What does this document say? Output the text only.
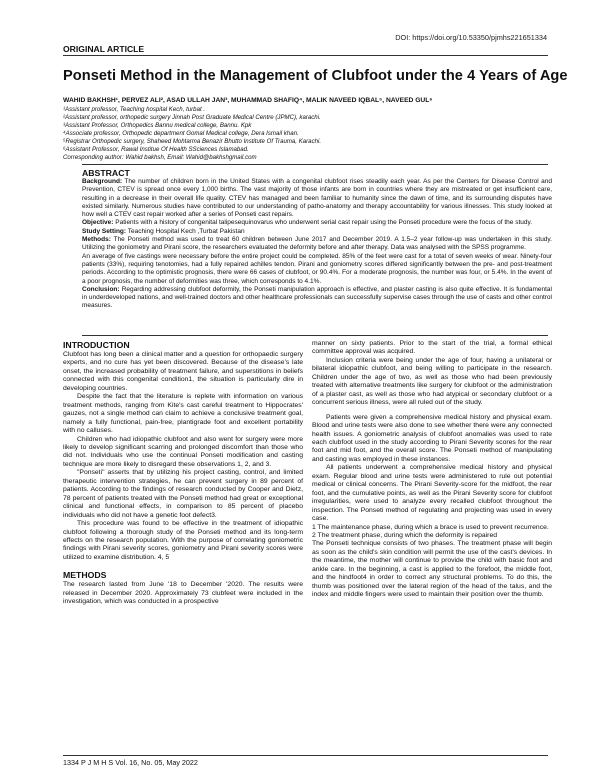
DOI: https://doi.org/10.53350/pjmhs221651334
ORIGINAL ARTICLE
Ponseti Method in the Management of Clubfoot under the 4 Years of Age
WAHID BAKHSH¹, PERVEZ ALI², ASAD ULLAH JAN³, MUHAMMAD SHAFIQ⁴, MALIK NAVEED IQBAL⁵, NAVEED GUL⁶
¹Assistant professor, Teaching hospital Kech, turbat .
²Assistant professor, orthopedic surgery Jinnah Post Graduate Medical Centre (JPMC), karachi.
³Assistant Professor, Orthopedics Bannu medical college, Bannu. Kpk
⁴Associate professor, Orthopedic department Gomal Medical college, Dera Ismail khan.
⁵Registrar Orthopedic surgery, Shaheed Mohtarma Benazir Bhutto Institute Of Trauma, Karachi.
⁶Assistant Professor, Rawal Institue Of Health SSciences Islamabad.
Corresponding author: Wahid bakhsh, Email: Wahid@bakhshgmail.com
ABSTRACT

Background: The number of children born in the United States with a congenital clubfoot rises steadily each year. As per the Centers for Disease Control and Prevention, CTEV is spread once every 1,000 births. The vast majority of those infants are born in countries where they are mistreated or get insufficient care, resulting in a decrease in their overall life quality. CTEV has managed and been familiar to humanity since the dawn of time, and its surrounding disputes have existed similarly. Numerous studies have contributed to our understanding of patho-anatomy and therapy accountability for various illnesses. This study looked at how well a CTEV cast repair worked after a series of Ponseti cast repairs.

Objective: Patients with a history of congenital talipesequinovarus who underwent serial cast repair using the Ponseti procedure were the focus of the study.

Study Setting: Teaching Hospital Kech ,Turbat Pakistan

Methods: The Ponseti method was used to treat 60 children between June 2017 and December 2019. A 1.5–2 year follow-up was undertaken in this study. Utilizing the goniometry and Pirani score, the researchers evaluated the deformity before and after therapy. Data was analysed with the SPSS programme.

An average of five castings were necessary before the entire project could be completed. 85% of the feet were cast for a total of seven weeks of wear. Ninety-four patients (33%), requiring tenotomies, had a fully repaired achilles tendon. Pirani and goniometry scores differed significantly between the pre- and post-treatment periods. According to the optimistic prognosis, there were 66 cases of clubfoot, or 90.4%. For a moderate prognosis, the number was four, or 5.4%. In the event of a poor prognosis, the number of deformities was three, which corresponds to 4.1%.

Conclusion: Regarding addressing clubfoot deformity, the Ponseti manipulation approach is effective, and plaster casting is also quite effective. It is fundamental in underdeveloped nations, and well-trained doctors and other healthcare professionals can successfully supervise cases through the use of casts and other control measures.

INTRODUCTION

Clubfoot has long been a clinical matter and a question for orthopaedic surgery experts, and no cure has yet been discovered. Because of the disease's late onset, the increased probability of treatment failure, and superstitions in beliefs connected with this congenital condition1, the situation is particularly dire in developing countries.

Despite the fact that the literature is replete with information on various treatment methods, ranging from Kite's cast careful treatment to Hippocrates' gauzes, not a single method can claim to achieve a conclusive treatment goal, namely a fully functional, pain-free, plantigrade foot and excellent portability with no calluses.

Children who had idiopathic clubfoot and also went for surgery were more likely to develop significant scarring and prolonged discomfort than those who did not. Individuals who use the continual Ponseti modification and casting technique are more likely to disregard these observations 1, 2, and 3.

"Ponseti" asserts that by utilizing his project casting, control, and limited therapeutic intervention strategies, he can prevent surgery in 89 percent of patients. According to the findings of research conducted by Cooper and Dietz, 78 percent of patients treated with the Ponseti method had great or exceptional clinical and functional effects, in comparison to 85 percent of placebo individuals who did not have a genetic foot defect3.

This procedure was found to be effective in the treatment of idiopathic clubfoot following a thorough study of the Ponseti method and its long-term effects on the research population. With the purpose of correlating goniometric findings with Pirani severity scores, goniometry and Pirani severity scores were utilized to examine distribution. 4, 5

METHODS

The research lasted from June '18 to December '2020. The results were released in December 2020. Approximately 73 clubfeet were included in the investigation, which was conducted in a prospective

manner on sixty patients. Prior to the start of the trial, a formal ethical committee approval was acquired.

Inclusion criteria were being under the age of four, having a unilateral or bilateral idiopathic clubfoot, and being willing to participate in the research. Children under the age of two, as well as those who had been previously treated with alternative treatments like surgery for clubfoot or the administration of a plaster cast, as well as those who had atypical or secondary clubfoot or a concurrent serious illness, were all ruled out of the study.

Patients were given a comprehensive medical history and physical exam. Blood and urine tests were also done to see whether there were any connected health issues. A goniometric analysis of clubfoot anomalies was used to rate each clubfoot used in the study according to Pirani Severity scores for the rear foot and mid foot, and the overall score. The Ponseti method of manipulating and casting was employed in these instances.

All patients underwent a comprehensive medical history and physical exam. Regular blood and urine tests were administered to rule out potential medical or clinical concerns. The Pirani Severity-score for the midfoot, the rear foot, and the cumulative points, as well as the Pirani Severity score for clubfoot irregularities, were used to analyze every recalled clubfoot throughout the inspection. The Ponseti method of regulating and projecting was used in every case.

1 The maintenance phase, during which a brace is used to prevent recurrence.

2 The treatment phase, during which the deformity is repaired

The Ponseti technique consists of two phases. The treatment phase will begin as soon as the child's skin condition will permit the use of the cast's devices. In the meantime, the mother will continue to provide the child with basic foot and ankle care. In the beginning, a cast is applied to the forefoot, the middle foot, and the hindfoot4 in order to correct any structural problems. To do this, the thumb was positioned over the lateral region of the head of the talus, and the index and middle fingers were used to maintain their position over the thumb.

1334 P J M H S Vol. 16, No. 05, May 2022
